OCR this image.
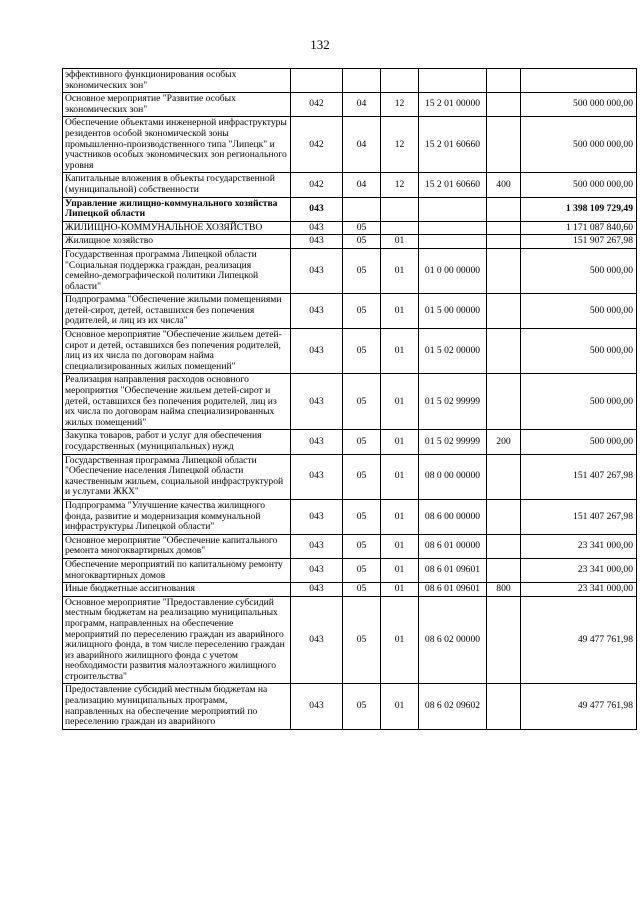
132
эффективного функционирования особых экономических зон"						
Основное мероприятие "Развитие особых экономических зон"	042	04	12	15 2 01 00000		500 000 000,00
Обеспечение объектами инженерной инфраструктуры резидентов особой экономической зоны промышленно-производственного типа "Липецк" и участников особых экономических зон регионального уровня	042	04	12	15 2 01 60660		500 000 000,00
Капитальные вложения в объекты государственной (муниципальной) собственности	042	04	12	15 2 01 60660	400	500 000 000,00
Управление жилищно-коммунального хозяйства Липецкой области	043					1 398 109 729,49
ЖИЛИЩНО-КОММУНАЛЬНОЕ ХОЗЯЙСТВО	043	05				1 171 087 840,60
Жилищное хозяйство	043	05	01			151 907 267,98
Государственная программа Липецкой области "Социальная поддержка граждан, реализация семейно-демографической политики Липецкой области"	043	05	01	01 0 00 00000		500 000,00
Подпрограмма "Обеспечение жилыми помещениями детей-сирот, детей, оставшихся без попечения родителей, и лиц из их числа"	043	05	01	01 5 00 00000		500 000,00
Основное мероприятие "Обеспечение жильем детей-сирот и детей, оставшихся без попечения родителей, лиц из их числа по договорам найма специализированных жилых помещений"	043	05	01	01 5 02 00000		500 000,00
Реализация направления расходов основного мероприятия "Обеспечение жильем детей-сирот и детей, оставшихся без попечения родителей, лиц из их числа по договорам найма специализированных жилых помещений"	043	05	01	01 5 02 99999		500 000,00
Закупка товаров, работ и услуг для обеспечения государственных (муниципальных) нужд	043	05	01	01 5 02 99999	200	500 000,00
Государственная программа Липецкой области "Обеспечение населения Липецкой области качественным жильем, социальной инфраструктурой и услугами ЖКХ"	043	05	01	08 0 00 00000		151 407 267,98
Подпрограмма "Улучшение качества жилищного фонда, развитие и модернизация коммунальной инфраструктуры Липецкой области"	043	05	01	08 6 00 00000		151 407 267,98
Основное мероприятие "Обеспечение капитального ремонта многоквартирных домов"	043	05	01	08 6 01 00000		23 341 000,00
Обеспечение мероприятий по капитальному ремонту многоквартирных домов	043	05	01	08 6 01 09601		23 341 000,00
Иные бюджетные ассигнования	043	05	01	08 6 01 09601	800	23 341 000,00
Основное мероприятие "Предоставление субсидий местным бюджетам на реализацию муниципальных программ, направленных на обеспечение мероприятий по переселению граждан из аварийного жилищного фонда, в том числе переселению граждан из аварийного жилищного фонда с учетом необходимости развития малоэтажного жилищного строительства"	043	05	01	08 6 02 00000		49 477 761,98
Предоставление субсидий местным бюджетам на реализацию муниципальных программ, направленных на обеспечение мероприятий по переселению граждан из аварийного	043	05	01	08 6 02 09602		49 477 761,98
